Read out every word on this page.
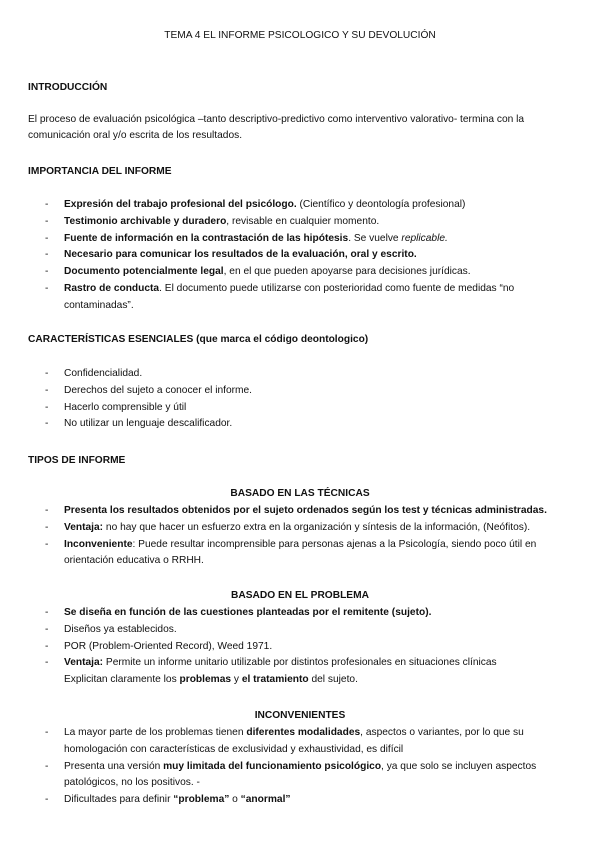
TEMA 4 EL INFORME PSICOLOGICO Y SU DEVOLUCIÓN
INTRODUCCIÓN
El proceso de evaluación psicológica –tanto descriptivo-predictivo como interventivo valorativo- termina con la comunicación oral y/o escrita de los resultados.
IMPORTANCIA DEL INFORME
- Expresión del trabajo profesional del psicólogo. (Científico y deontología profesional)
- Testimonio archivable y duradero, revisable en cualquier momento.
- Fuente de información en la contrastación de las hipótesis. Se vuelve replicable.
- Necesario para comunicar los resultados de la evaluación, oral y escrito.
- Documento potencialmente legal, en el que pueden apoyarse para decisiones jurídicas.
- Rastro de conducta. El documento puede utilizarse con posterioridad como fuente de medidas “no contaminadas”.
CARACTERÍSTICAS ESENCIALES (que marca el código deontologico)
- Confidencialidad.
- Derechos del sujeto a conocer el informe.
- Hacerlo comprensible y útil
- No utilizar un lenguaje descalificador.
TIPOS DE INFORME
BASADO EN LAS TÉCNICAS
- Presenta los resultados obtenidos por el sujeto ordenados según los test y técnicas administradas.
- Ventaja: no hay que hacer un esfuerzo extra en la organización y síntesis de la información, (Neófitos).
- Inconveniente: Puede resultar incomprensible para personas ajenas a la Psicología, siendo poco útil en orientación educativa o RRHH.
BASADO EN EL PROBLEMA
- Se diseña en función de las cuestiones planteadas por el remitente (sujeto).
- Diseños ya establecidos.
- POR (Problem-Oriented Record), Weed 1971.
- Ventaja: Permite un informe unitario utilizable por distintos profesionales en situaciones clínicas
Explicitan claramente los problemas y el tratamiento del sujeto.
INCONVENIENTES
- La mayor parte de los problemas tienen diferentes modalidades, aspectos o variantes, por lo que su homologación con características de exclusividad y exhaustividad, es difícil
- Presenta una versión muy limitada del funcionamiento psicológico, ya que solo se incluyen aspectos patológicos, no los positivos. -
- Dificultades para definir “problema” o “anormal”
